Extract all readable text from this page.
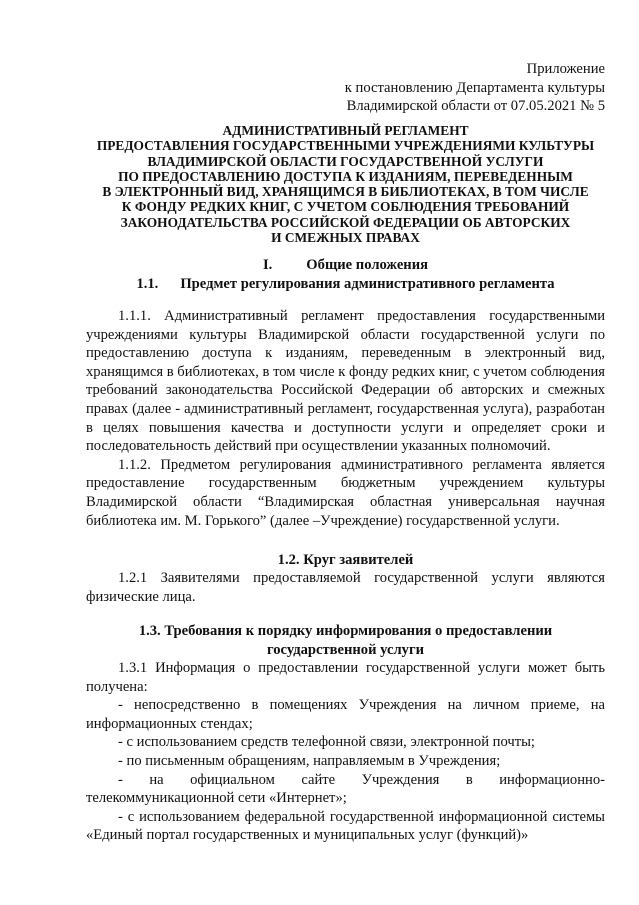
Приложение
к постановлению Департамента культуры
Владимирской области от 07.05.2021 № 5
АДМИНИСТРАТИВНЫЙ РЕГЛАМЕНТ
ПРЕДОСТАВЛЕНИЯ ГОСУДАРСТВЕННЫМИ УЧРЕЖДЕНИЯМИ КУЛЬТУРЫ
ВЛАДИМИРСКОЙ ОБЛАСТИ ГОСУДАРСТВЕННОЙ УСЛУГИ
ПО ПРЕДОСТАВЛЕНИЮ ДОСТУПА К ИЗДАНИЯМ, ПЕРЕВЕДЕННЫМ
В ЭЛЕКТРОННЫЙ ВИД, ХРАНЯЩИМСЯ В БИБЛИОТЕКАХ, В ТОМ ЧИСЛЕ
К ФОНДУ РЕДКИХ КНИГ, С УЧЕТОМ СОБЛЮДЕНИЯ ТРЕБОВАНИЙ
ЗАКОНОДАТЕЛЬСТВА РОССИЙСКОЙ ФЕДЕРАЦИИ ОБ АВТОРСКИХ
И СМЕЖНЫХ ПРАВАХ
I. Общие положения
1.1. Предмет регулирования административного регламента

1.1.1. Административный регламент предоставления государственными учреждениями культуры Владимирской области государственной услуги по предоставлению доступа к изданиям, переведенным в электронный вид, хранящимся в библиотеках, в том числе к фонду редких книг, с учетом соблюдения требований законодательства Российской Федерации об авторских и смежных правах (далее - административный регламент, государственная услуга), разработан в целях повышения качества и доступности услуги и определяет сроки и последовательность действий при осуществлении указанных полномочий.

1.1.2. Предметом регулирования административного регламента является предоставление государственным бюджетным учреждением культуры Владимирской области “Владимирская областная универсальная научная библиотека им. М. Горького” (далее –Учреждение) государственной услуги.

1.2. Круг заявителей

1.2.1 Заявителями предоставляемой государственной услуги являются физические лица.

1.3. Требования к порядку информирования о предоставлении
государственной услуги

1.3.1 Информация о предоставлении государственной услуги может быть получена:

- непосредственно в помещениях Учреждения на личном приеме, на информационных стендах;

- с использованием средств телефонной связи, электронной почты;

- по письменным обращениям, направляемым в Учреждения;

- на официальном сайте Учреждения в информационно-телекоммуникационной сети «Интернет»;

- с использованием федеральной государственной информационной системы «Единый портал государственных и муниципальных услуг (функций)»
